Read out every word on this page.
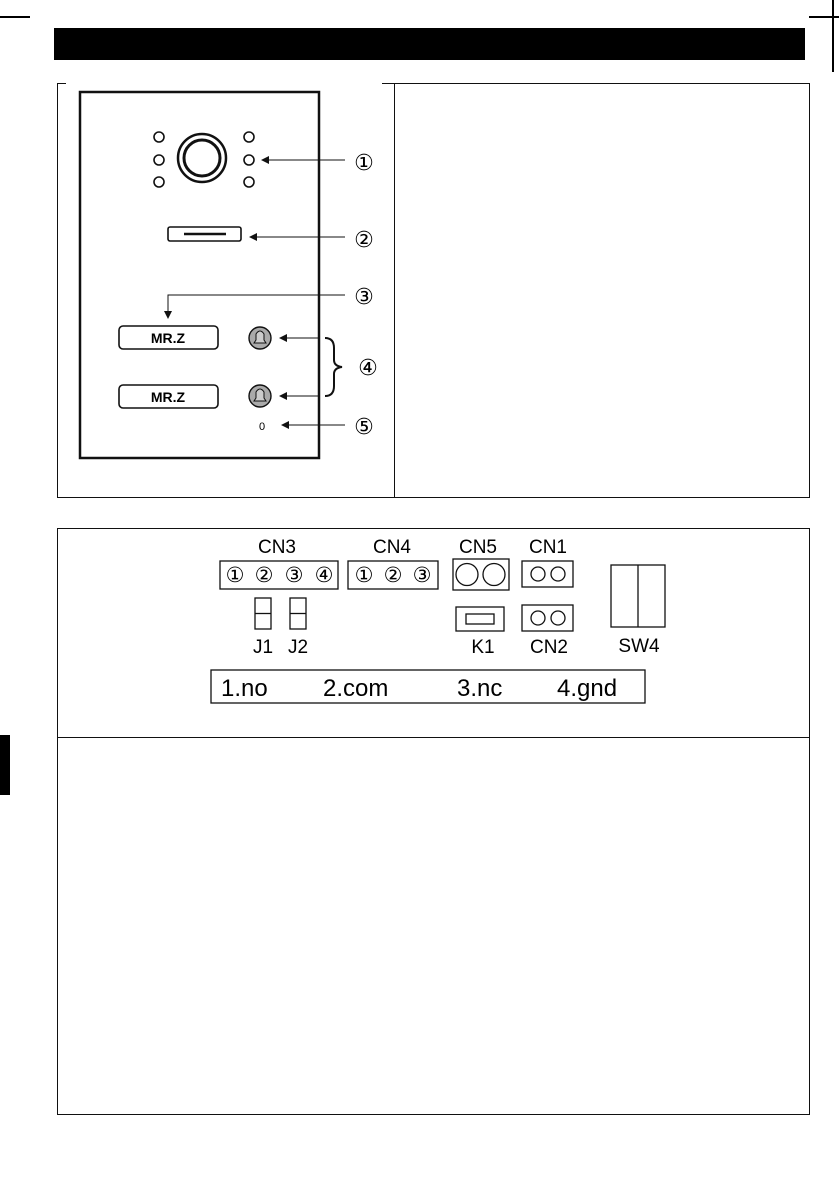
MR.Z
MR.Z
0
①
②
③
④
⑤
CN3
① ② ③ ④
CN4
① ② ③
CN5 CN1
SW4
J1 J2	K1 CN2
1.no 2.com	3.nc 4.gnd
